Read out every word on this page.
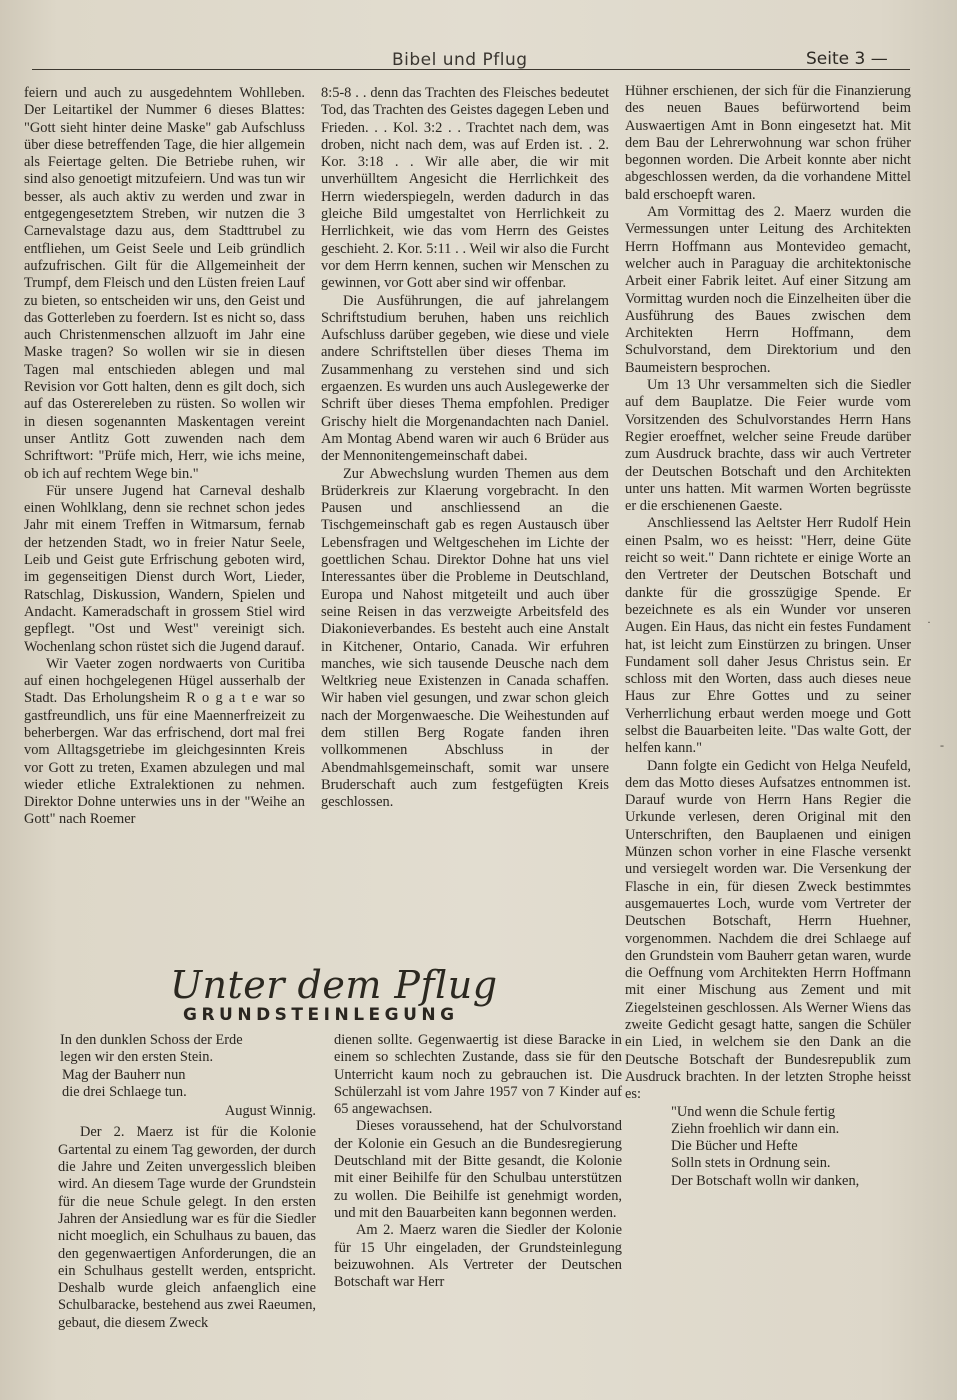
Bibel und Pflug	Seite 3 —

feiern und auch zu ausgedehntem Wohlleben. Der Leitartikel der Nummer 6 dieses Blattes: "Gott sieht hinter deine Maske" gab Aufschluss über diese betreffenden Tage, die hier allgemein als Feiertage gelten. Die Betriebe ruhen, wir sind also genoetigt mitzufeiern. Und was tun wir besser, als auch aktiv zu werden und zwar in entgegengesetztem Streben, wir nutzen die 3 Carnevalstage dazu aus, dem Stadttrubel zu entfliehen, um Geist Seele und Leib gründlich aufzufrischen. Gilt für die Allgemeinheit der Trumpf, dem Fleisch und den Lüsten freien Lauf zu bieten, so entscheiden wir uns, den Geist und das Gotterleben zu foerdern. Ist es nicht so, dass auch Christenmenschen allzuoft im Jahr eine Maske tragen? So wollen wir sie in diesen Tagen mal entschieden ablegen und mal Revision vor Gott halten, denn es gilt doch, sich auf das Osterereleben zu rüsten. So wollen wir in diesen sogenannten Maskentagen vereint unser Antlitz Gott zuwenden nach dem Schriftwort: "Prüfe mich, Herr, wie ichs meine, ob ich auf rechtem Wege bin."

Für unsere Jugend hat Carneval deshalb einen Wohlklang, denn sie rechnet schon jedes Jahr mit einem Treffen in Witmarsum, fernab der hetzenden Stadt, wo in freier Natur Seele, Leib und Geist gute Erfrischung geboten wird, im gegenseitigen Dienst durch Wort, Lieder, Ratschlag, Diskussion, Wandern, Spielen und Andacht. Kameradschaft in grossem Stiel wird gepflegt. "Ost und West" vereinigt sich. Wochenlang schon rüstet sich die Jugend darauf.

Wir Vaeter zogen nordwaerts von Curitiba auf einen hochgelegenen Hügel ausserhalb der Stadt. Das Erholungsheim R o g a t e war so gastfreundlich, uns für eine Maennerfreizeit zu beherbergen. War das erfrischend, dort mal frei vom Alltagsgetriebe im gleichgesinnten Kreis vor Gott zu treten, Examen abzulegen und mal wieder etliche Extralektionen zu nehmen. Direktor Dohne unterwies uns in der "Weihe an Gott" nach Roemer

8:5-8 . . denn das Trachten des Fleisches bedeutet Tod, das Trachten des Geistes dagegen Leben und Frieden. . . Kol. 3:2 . . Trachtet nach dem, was droben, nicht nach dem, was auf Erden ist. . 2. Kor. 3:18 . . Wir alle aber, die wir mit unverhülltem Angesicht die Herrlichkeit des Herrn wiederspiegeln, werden dadurch in das gleiche Bild umgestaltet von Herrlichkeit zu Herrlichkeit, wie das vom Herrn des Geistes geschieht. 2. Kor. 5:11 . . Weil wir also die Furcht vor dem Herrn kennen, suchen wir Menschen zu gewinnen, vor Gott aber sind wir offenbar.

Die Ausführungen, die auf jahrelangem Schriftstudium beruhen, haben uns reichlich Aufschluss darüber gegeben, wie diese und viele andere Schriftstellen über dieses Thema im Zusammenhang zu verstehen sind und sich ergaenzen. Es wurden uns auch Auslegewerke der Schrift über dieses Thema empfohlen. Prediger Grischy hielt die Morgenandachten nach Daniel. Am Montag Abend waren wir auch 6 Brüder aus der Mennonitengemeinschaft dabei.

Zur Abwechslung wurden Themen aus dem Brüderkreis zur Klaerung vorgebracht. In den Pausen und anschliessend an die Tischgemeinschaft gab es regen Austausch über Lebensfragen und Weltgeschehen im Lichte der goettlichen Schau. Direktor Dohne hat uns viel Interessantes über die Probleme in Deutschland, Europa und Nahost mitgeteilt und auch über seine Reisen in das verzweigte Arbeitsfeld des Diakonieverbandes. Es besteht auch eine Anstalt in Kitchener, Ontario, Canada. Wir erfuhren manches, wie sich tausende Deusche nach dem Weltkrieg neue Existenzen in Canada schaffen. Wir haben viel gesungen, und zwar schon gleich nach der Morgenwaesche. Die Weihestunden auf dem stillen Berg Rogate fanden ihren vollkommenen Abschluss in der Abendmahlsgemeinschaft, somit war unsere Bruderschaft auch zum festgefügten Kreis geschlossen.

Hühner erschienen, der sich für die Finanzierung des neuen Baues befürwortend beim Auswaertigen Amt in Bonn eingesetzt hat. Mit dem Bau der Lehrerwohnung war schon früher begonnen worden. Die Arbeit konnte aber nicht abgeschlossen werden, da die vorhandene Mittel bald erschoepft waren.

Am Vormittag des 2. Maerz wurden die Vermessungen unter Leitung des Architekten Herrn Hoffmann aus Montevideo gemacht, welcher auch in Paraguay die architektonische Arbeit einer Fabrik leitet. Auf einer Sitzung am Vormittag wurden noch die Einzelheiten über die Ausführung des Baues zwischen dem Architekten Herrn Hoffmann, dem Schulvorstand, dem Direktorium und den Baumeistern besprochen.

Um 13 Uhr versammelten sich die Siedler auf dem Bauplatze. Die Feier wurde vom Vorsitzenden des Schulvorstandes Herrn Hans Regier eroeffnet, welcher seine Freude darüber zum Ausdruck brachte, dass wir auch Vertreter der Deutschen Botschaft und den Architekten unter uns hatten. Mit warmen Worten begrüsste er die erschienenen Gaeste.

Anschliessend las Aeltster Herr Rudolf Hein einen Psalm, wo es heisst: "Herr, deine Güte reicht so weit." Dann richtete er einige Worte an den Vertreter der Deutschen Botschaft und dankte für die grosszügige Spende. Er bezeichnete es als ein Wunder vor unseren Augen. Ein Haus, das nicht ein festes Fundament hat, ist leicht zum Einstürzen zu bringen. Unser Fundament soll daher Jesus Christus sein. Er schloss mit den Worten, dass auch dieses neue Haus zur Ehre Gottes und zu seiner Verherrlichung erbaut werden moege und Gott selbst die Bauarbeiten leite. "Das walte Gott, der helfen kann."

Dann folgte ein Gedicht von Helga Neufeld, dem das Motto dieses Aufsatzes entnommen ist. Darauf wurde von Herrn Hans Regier die Urkunde verlesen, deren Original mit den Unterschriften, den Bauplaenen und einigen Münzen schon vorher in eine Flasche versenkt und versiegelt worden war. Die Versenkung der Flasche in ein, für diesen Zweck bestimmtes ausgemauertes Loch, wurde vom Vertreter der Deutschen Botschaft, Herrn Huehner, vorgenommen. Nachdem die drei Schlaege auf den Grundstein vom Bauherr getan waren, wurde die Oeffnung vom Architekten Herrn Hoffmann mit einer Mischung aus Zement und mit Ziegelsteinen geschlossen. Als Werner Wiens das zweite Gedicht gesagt hatte, sangen die Schüler ein Lied, in welchem sie den Dank an die Deutsche Botschaft der Bundesrepublik zum Ausdruck brachten. In der letzten Strophe heisst es:

"Und wenn die Schule fertig
Ziehn froehlich wir dann ein.
Die Bücher und Hefte
Solln stets in Ordnung sein.
Der Botschaft wolln wir danken,
Unter dem Pflug
GRUNDSTEINLEGUNG
In den dunklen Schoss der Erde
legen wir den ersten Stein.
Mag der Bauherr nun
die drei Schlaege tun.
August Winnig.

Der 2. Maerz ist für die Kolonie Gartental zu einem Tag geworden, der durch die Jahre und Zeiten unvergesslich bleiben wird. An diesem Tage wurde der Grundstein für die neue Schule gelegt. In den ersten Jahren der Ansiedlung war es für die Siedler nicht moeglich, ein Schulhaus zu bauen, das den gegenwaertigen Anforderungen, die an ein Schulhaus gestellt werden, entspricht. Deshalb wurde gleich anfaenglich eine Schulbaracke, bestehend aus zwei Raeumen, gebaut, die diesem Zweck

dienen sollte. Gegenwaertig ist diese Baracke in einem so schlechten Zustande, dass sie für den Unterricht kaum noch zu gebrauchen ist. Die Schülerzahl ist vom Jahre 1957 von 7 Kinder auf 65 angewachsen.

Dieses voraussehend, hat der Schulvorstand der Kolonie ein Gesuch an die Bundesregierung Deutschland mit der Bitte gesandt, die Kolonie mit einer Beihilfe für den Schulbau unterstützen zu wollen. Die Beihilfe ist genehmigt worden, und mit den Bauarbeiten kann begonnen werden.

Am 2. Maerz waren die Siedler der Kolonie für 15 Uhr eingeladen, der Grundsteinlegung beizuwohnen. Als Vertreter der Deutschen Botschaft war Herr

·
-
